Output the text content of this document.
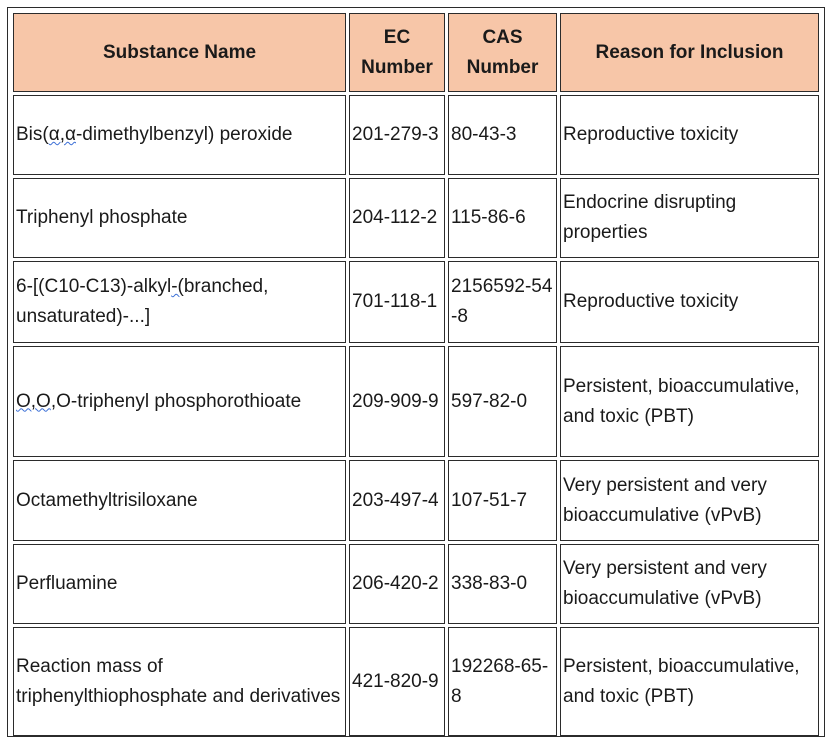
Substance Name	EC Number	CAS Number	Reason for Inclusion
Bis(α,α-dimethylbenzyl) peroxide	201-279-3	80-43-3	Reproductive toxicity
Triphenyl phosphate	204-112-2	115-86-6	Endocrine disrupting properties
6-[(C10-C13)-alkyl-(branched, unsaturated)-...]	701-118-1	2156592-54-8	Reproductive toxicity
O,O,O-triphenyl phosphorothioate	209-909-9	597-82-0	Persistent, bioaccumulative, and toxic (PBT)
Octamethyltrisiloxane	203-497-4	107-51-7	Very persistent and very bioaccumulative (vPvB)
Perfluamine	206-420-2	338-83-0	Very persistent and very bioaccumulative (vPvB)
Reaction mass of triphenylthiophosphate and derivatives	421-820-9	192268-65-8	Persistent, bioaccumulative, and toxic (PBT)
